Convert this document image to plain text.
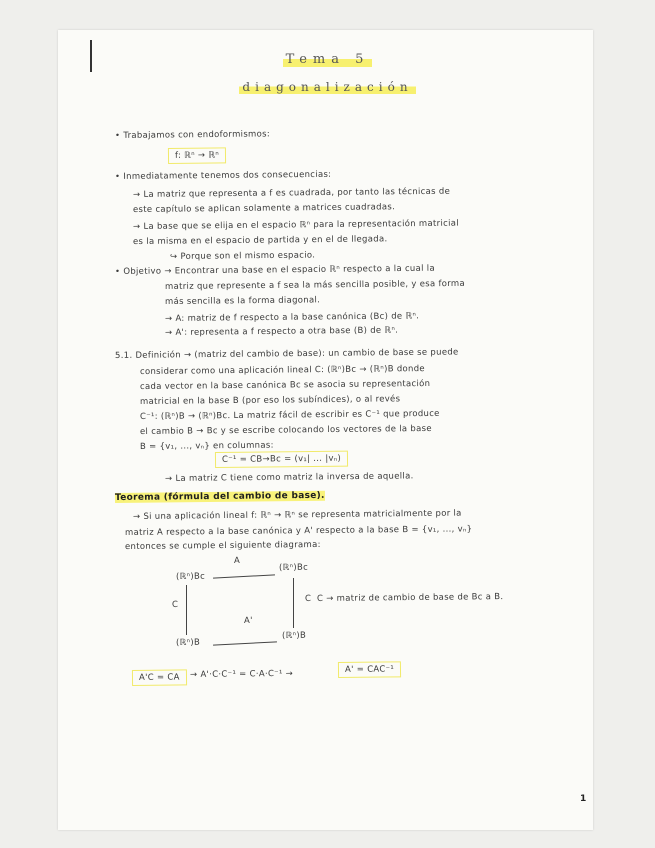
Tema 5
diagonalización
• Trabajamos con endoformismos:
f: ℝⁿ → ℝⁿ
• Inmediatamente tenemos dos consecuencias:
→ La matriz que representa a f es cuadrada, por tanto las técnicas de
este capítulo se aplican solamente a matrices cuadradas.
→ La base que se elija en el espacio ℝⁿ para la representación matricial
es la misma en el espacio de partida y en el de llegada.
↪ Porque son el mismo espacio.
• Objetivo → Encontrar una base en el espacio ℝⁿ respecto a la cual la
matriz que represente a f sea la más sencilla posible, y esa forma
más sencilla es la forma diagonal.
→ A: matriz de f respecto a la base canónica (Bc) de ℝⁿ.
→ A': representa a f respecto a otra base (B) de ℝⁿ.
5.1. Definición → (matriz del cambio de base): un cambio de base se puede
considerar como una aplicación lineal C: (ℝⁿ)Bc → (ℝⁿ)B donde
cada vector en la base canónica Bc se asocia su representación
matricial en la base B (por eso los subíndices), o al revés
C⁻¹: (ℝⁿ)B → (ℝⁿ)Bc. La matriz fácil de escribir es C⁻¹ que produce
el cambio B → Bc y se escribe colocando los vectores de la base
B = {v₁, ..., vₙ} en columnas:
C⁻¹ = CB→Bc = (v₁| ... |vₙ)
→ La matriz C tiene como matriz la inversa de aquella.
Teorema (fórmula del cambio de base).
→ Si una aplicación lineal f: ℝⁿ → ℝⁿ se representa matricialmente por la
matriz A respecto a la base canónica y A' respecto a la base B = {v₁, ..., vₙ}
entonces se cumple el siguiente diagrama:
(ℝⁿ)Bc
(ℝⁿ)Bc
(ℝⁿ)B
(ℝⁿ)B
A
A'
C
C C → matriz de cambio de base de Bc a B.
A'C = CA	→ A'·C·C⁻¹ = C·A·C⁻¹ →	A' = CAC⁻¹
1
